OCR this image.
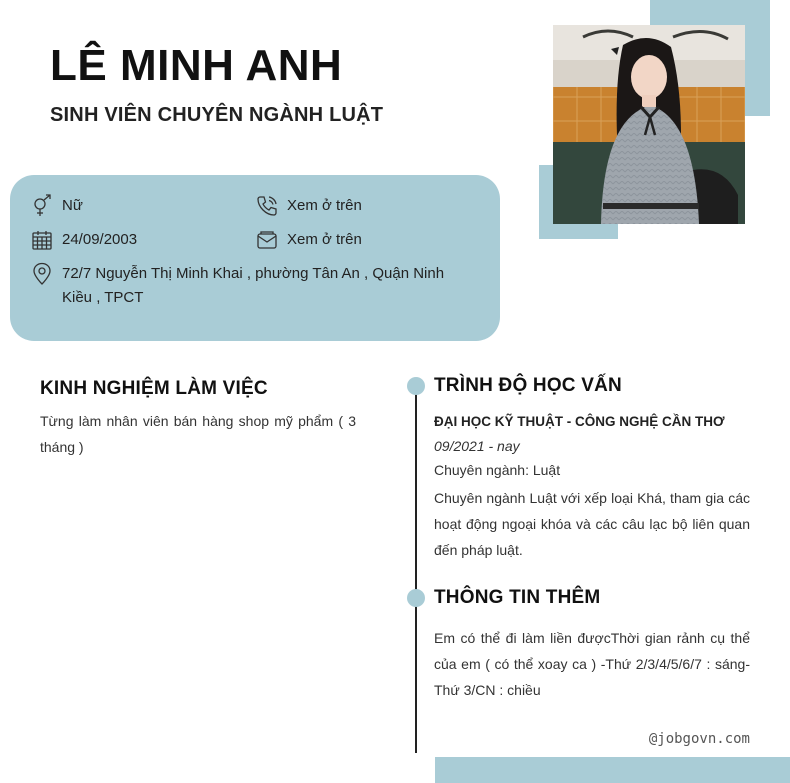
LÊ MINH ANH
SINH VIÊN CHUYÊN NGÀNH LUẬT
Nữ	Xem ở trên
24/09/2003	Xem ở trên
72/7 Nguyễn Thị Minh Khai , phường Tân An , Quận Ninh Kiều , TPCT
KINH NGHIỆM LÀM VIỆC
Từng làm nhân viên bán hàng shop mỹ phẩm ( 3 tháng )
TRÌNH ĐỘ HỌC VẤN
ĐẠI HỌC KỸ THUẬT - CÔNG NGHỆ CẦN THƠ
09/2021 - nay
Chuyên ngành: Luật
Chuyên ngành Luật với xếp loại Khá, tham gia các hoạt động ngoại khóa và các câu lạc bộ liên quan đến pháp luật.
THÔNG TIN THÊM
Em có thể đi làm liền đượcThời gian rảnh cụ thể của em ( có thể xoay ca ) -Thứ 2/3/4/5/6/7 : sáng- Thứ 3/CN : chiều
@jobgovn.com
